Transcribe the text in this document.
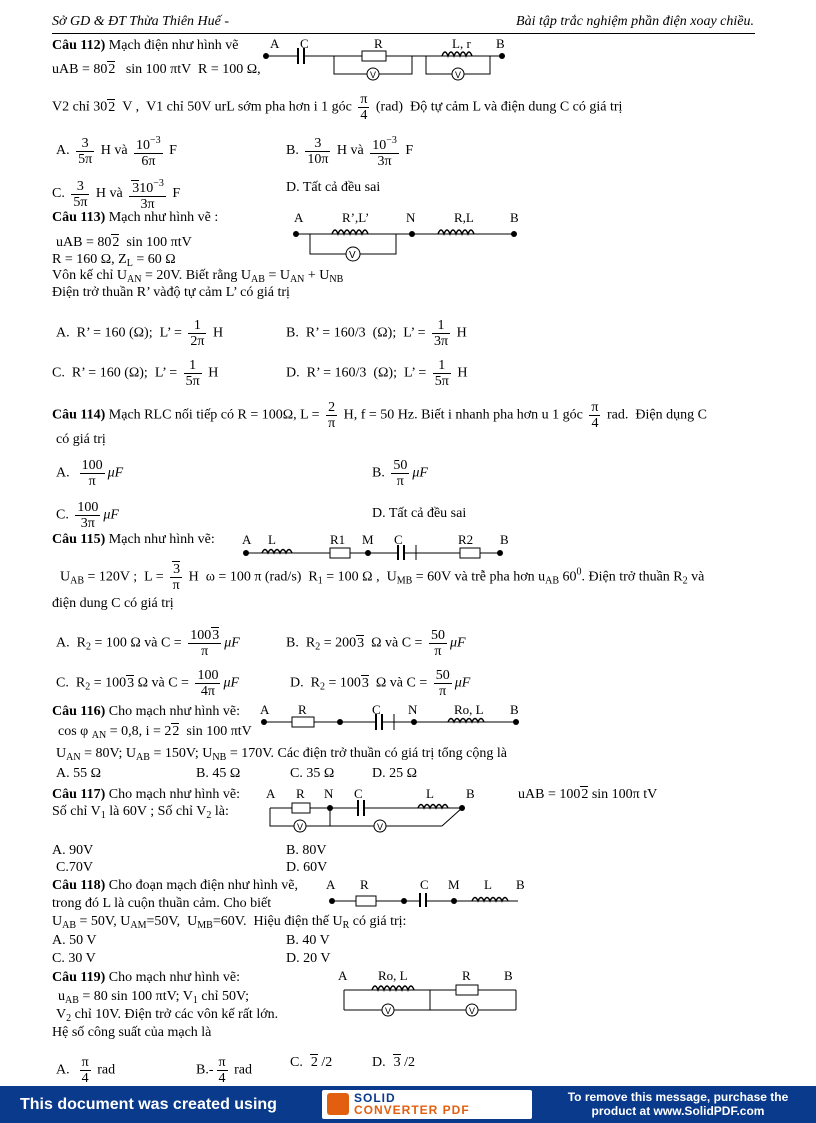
Sở GD & ĐT Thừa Thiên Huế -	Bài tập trắc nghiệm phần điện xoay chiều.
Câu 112) Mạch điện như hình vẽ A C	R	L, r B
V	V
uAB = 802   sin 100 πtV  R = 100 Ω,
V2 chỉ 302  V ,  V1 chỉ 50V urL sớm pha hơn i 1 góc $\frac{\pi}{4} (rad)$  Độ tự cảm L và điện dung C có giá trị
A. $\frac{3}{5\pi}$ H và $\frac{10^{-3}}{6\pi}$ F	B. $\frac{3}{10\pi}$ H và $\frac{10^{-3}}{3\pi}$ F
C. $\frac{3}{5\pi}$ H và $\frac{310^{-3}}{3\pi}$ F	D. Tất cả đều sai
Câu 113) Mạch như hình vẽ :	A	R’,L’	N	R,L	B
V
uAB = 802  sin 100 πtV
R = 160 Ω, $Z_L = 60$ Ω
Vôn kế chỉ $U_{AN} = 20V$. Biết rằng $U_{AB} = U_{AN} + U_{NB}$
Điện trở thuần R’ vàđộ tự cảm L’ có giá trị
A.  R’ = 160 (Ω);  L’ = $\frac{1}{2\pi}$ H	B.  R’ = 160/3  (Ω);  L’ = $\frac{1}{3\pi}$ H
C.  R’ = 160 (Ω);  L’ = $\frac{1}{5\pi}$ H	D.  R’ = 160/3  (Ω);  L’ = $\frac{1}{5\pi}$ H
Câu 114) Mạch RLC nối tiếp có R = 100Ω, $L = \frac{2}{\pi} H$, f = 50 Hz. Biết i nhanh pha hơn u 1 góc $\frac{\pi}{4}$ rad.  Điện dụng C
có giá trị
A. $\frac{100}{\pi}$ μF	B. $\frac{50}{\pi}$ μF
C. $\frac{100}{3\pi}$ μF	D. Tất cả đều sai
Câu 115) Mạch như hình vẽ: A L	R1 M C	R2 B
$U_{AB} = 120V$ ;  $L = \frac{3}{\pi}$ H  ω = 100 π (rad/s)  $R_1 = 100$ Ω ,  $U_{MB} = 60V$ và trễ pha hơn $u_{AB}$ $60^0$. Điện trở thuần $R_2$ và
điện dung C có giá trị
A.  $R_2 = 100$ Ω và $C = \frac{1003}{\pi}$ μF	B.  $R_2 = 2003$  Ω và $C = \frac{50}{\pi}$ μF
C.  $R_2 = 1003$ Ω và $C = \frac{100}{4\pi}$ μF	D.  $R_2 = 1003$  Ω và $C = \frac{50}{\pi}$ μF
Câu 116) Cho mạch như hình vẽ: A R	C N	Ro, L B
cos φ $_{AN}$ = 0,8, i = 22  sin 100 πtV
$U_{AN} = 80V$; $U_{AB} = 150V$; $U_{NB} = 170V$. Các điện trở thuần có giá trị tổng cộng là
A. 55 Ω	B. 45 Ω	C. 35 Ω	D. 25 Ω
Câu 117) Cho mạch như hình vẽ: A R N C	L B
V	V
uAB = 1002 sin 100π tV
Số chỉ $V_1$ là 60V ; Số chỉ $V_2$ là:
A. 90V	B. 80V
C.70V	D. 60V
Câu 118) Cho đoạn mạch điện như hình vẽ, A R	C M L B
trong đó L là cuộn thuần cảm. Cho biết
$U_{AB} = 50V$, $U_{AM}=50V$,  $U_{MB}=60V$.  Hiệu điện thế $U_R$ có giá trị:
A. 50 V	B. 40 V
C. 30 V	D. 20 V
Câu 119) Cho mạch như hình vẽ:	A Ro, L	R	B
V	V
$u_{AB} = 80$ sin 100 πtV; $V_1$ chỉ 50V;
$V_2$ chỉ 10V. Điện trở các vôn kế rất lớn.
Hệ số công suất của mạch là
A. $\frac{\pi}{4}$ rad	$B.- \frac{\pi}{4}$ rad
C.  2 /2	D.  3 /2
This document was created using	SOLID
CONVERTER PDF
To remove this message, purchase the
product at www.SolidPDF.com
